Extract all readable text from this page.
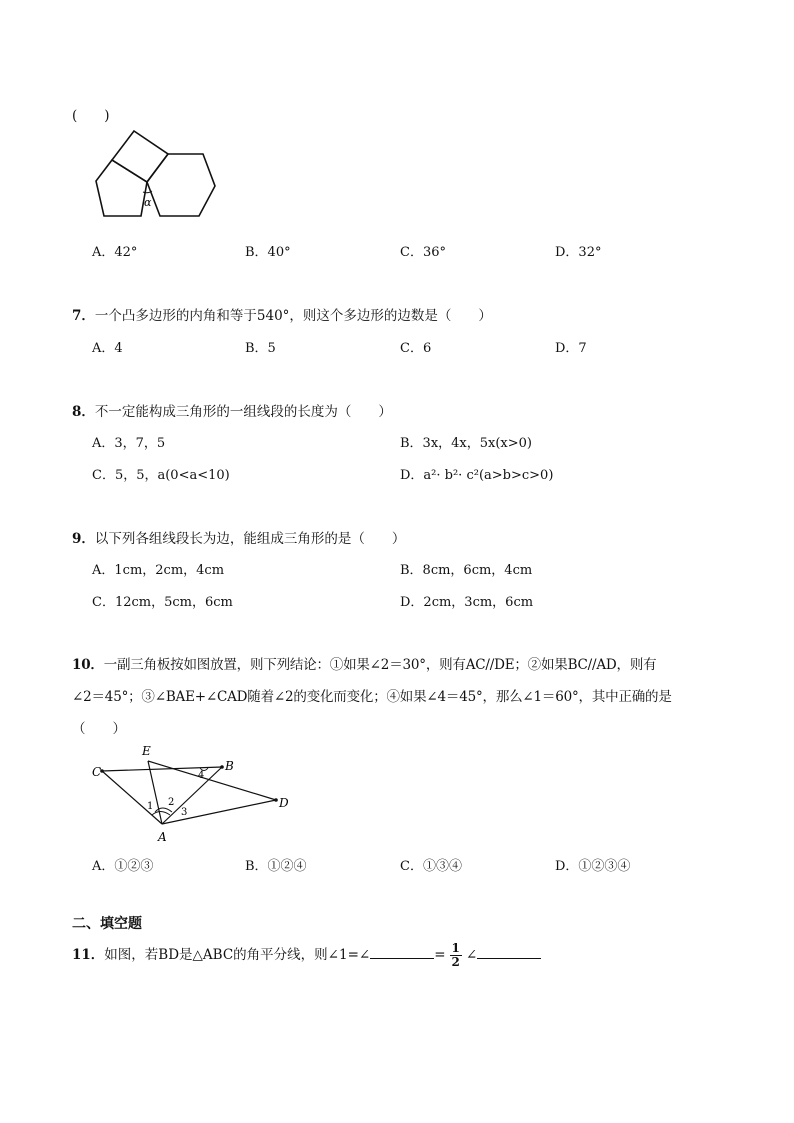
(　　)
α
A．42°	B．40°	C．36°	D．32°
7．一个凸多边形的内角和等于540°，则这个多边形的边数是（　　）
A．4	B．5	C．6	D．7
8．不一定能构成三角形的一组线段的长度为（　　）
A．3，7，5	B．3x，4x，5x(x>0)
C．5，5，a(0<a<10)	D．a²· b²· c²(a>b>c>0)
9．以下列各组线段长为边，能组成三角形的是（　　）
A．1cm，2cm，4cm	B．8cm，6cm，4cm
C．12cm，5cm，6cm	D．2cm，3cm，6cm
10．一副三角板按如图放置，则下列结论：①如果∠2＝30°，则有AC//DE；②如果BC//AD，则有
∠2＝45°；③∠BAE+∠CAD随着∠2的变化而变化；④如果∠4＝45°，那么∠1＝60°，其中正确的是
（　　）
E
B
C
D
A
1 2
3
4
A．①②③	B．①②④	C．①③④	D．①②③④
二、填空题
11．如图，若BD是△ABC的角平分线，则∠1=∠	= $\frac{1}{2}$ ∠
